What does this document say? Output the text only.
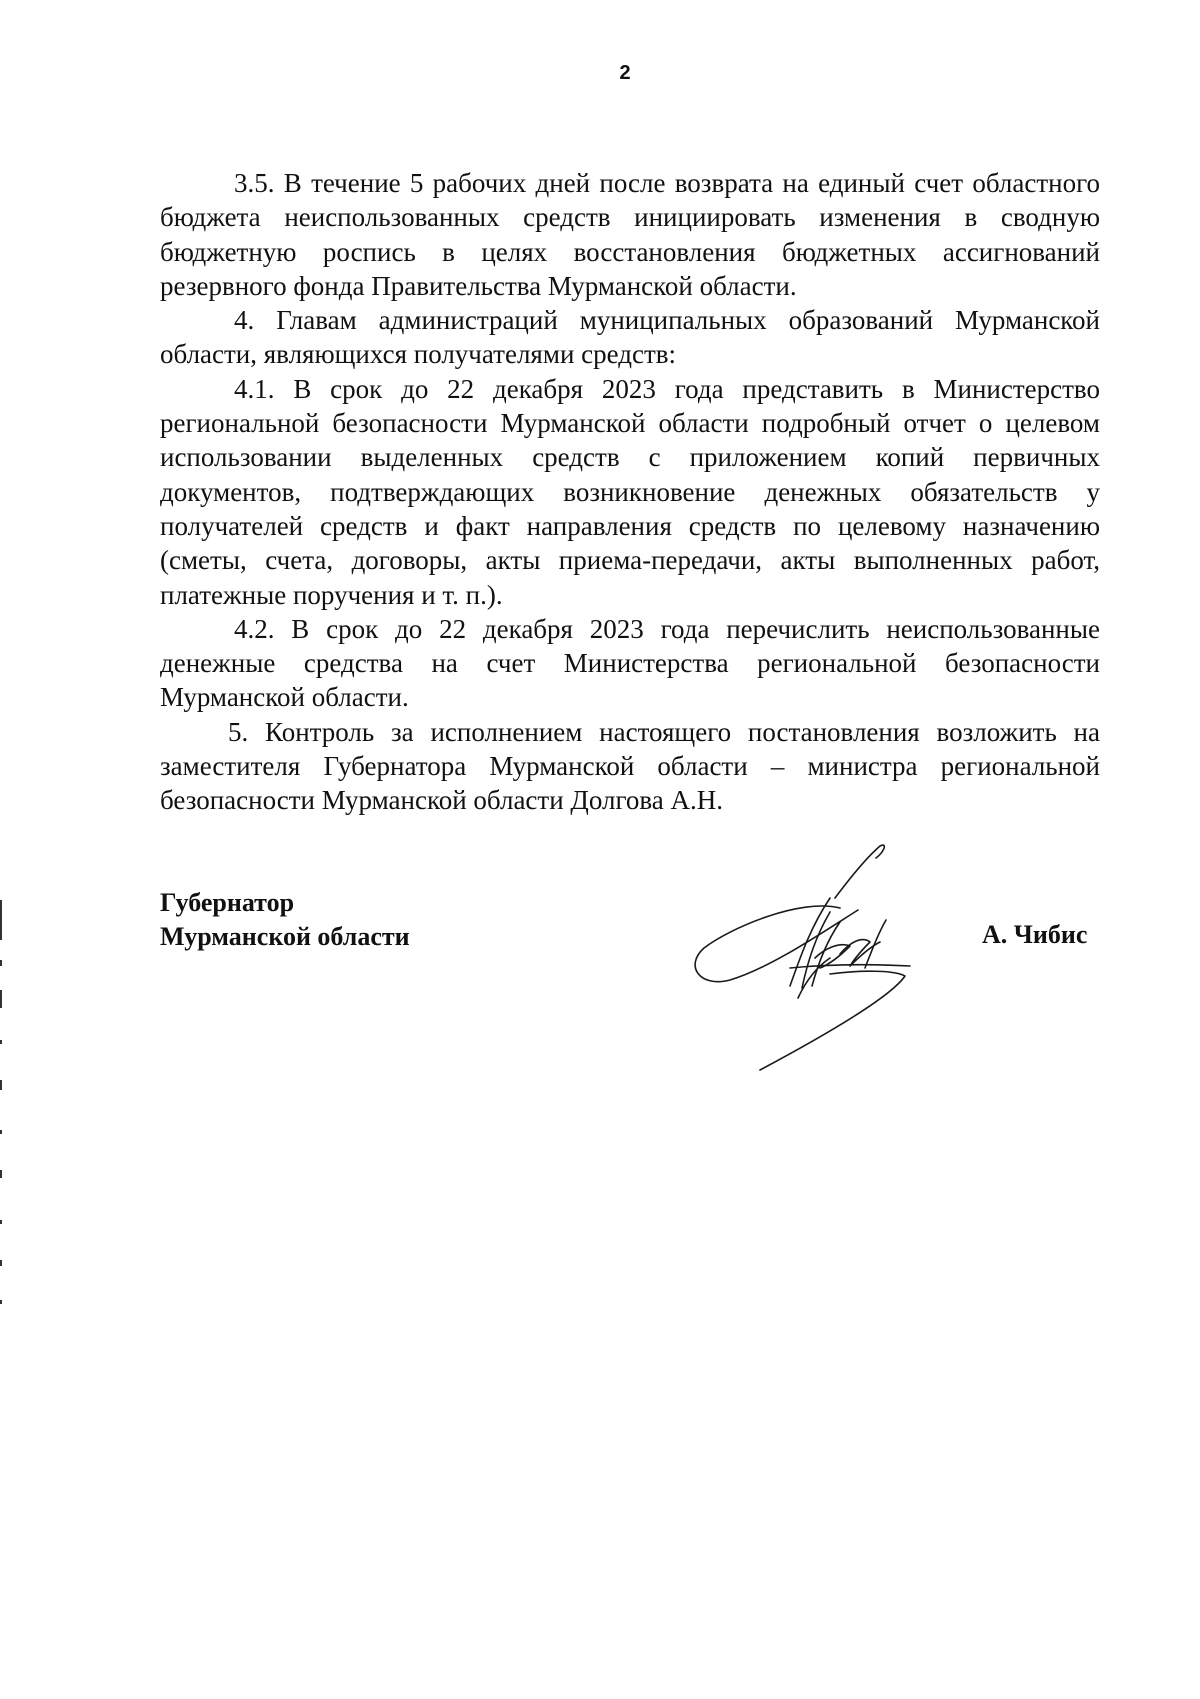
2

3.5. В течение 5 рабочих дней после возврата на единый счет областного бюджета неиспользованных средств инициировать изменения в сводную бюджетную роспись в целях восстановления бюджетных ассигнований резервного фонда Правительства Мурманской области.

4. Главам администраций муниципальных образований Мурманской области, являющихся получателями средств:

4.1. В срок до 22 декабря 2023 года представить в Министерство региональной безопасности Мурманской области подробный отчет о целевом использовании выделенных средств с приложением копий первичных документов, подтверждающих возникновение денежных обязательств у получателей средств и факт направления средств по целевому назначению (сметы, счета, договоры, акты приема-передачи, акты выполненных работ, платежные поручения и т. п.).

4.2. В срок до 22 декабря 2023 года перечислить неиспользованные денежные средства на счет Министерства региональной безопасности Мурманской области.

5. Контроль за исполнением настоящего постановления возложить на заместителя Губернатора Мурманской области – министра региональной безопасности Мурманской области Долгова А.Н.

Губернатор
Мурманской области	А. Чибис
